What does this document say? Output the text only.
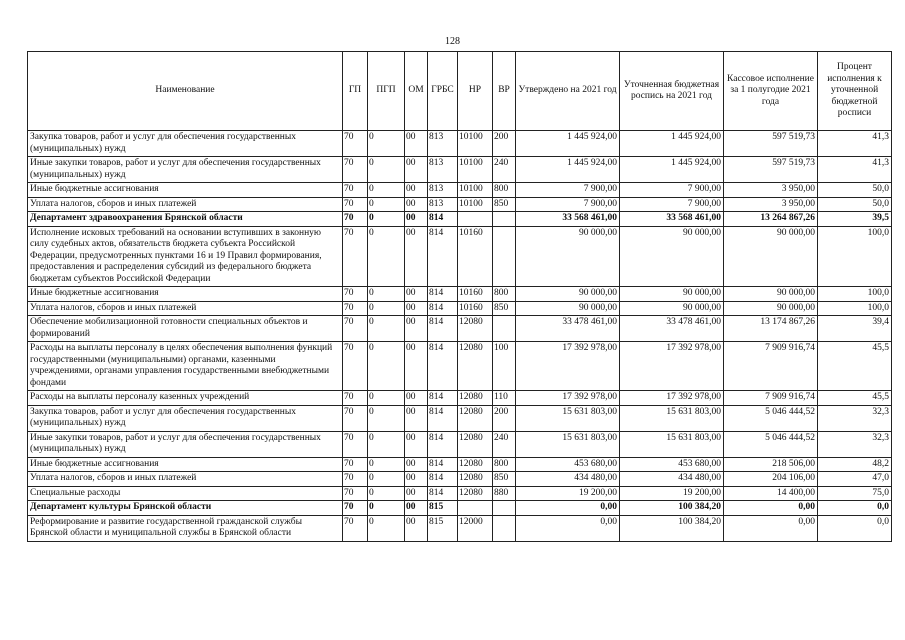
128
Наименование	ГП	ПГП	ОМ	ГРБС	НР	ВР	Утверждено на 2021 год	Уточненная бюджетная роспись на 2021 год	Кассовое исполнение за 1 полугодие 2021 года	Процент исполнения к уточненной бюджетной росписи
Закупка товаров, работ и услуг для обеспечения государственных (муниципальных) нужд	70	0	00	813	10100	200	1 445 924,00	1 445 924,00	597 519,73	41,3
Иные закупки товаров, работ и услуг для обеспечения государственных (муниципальных) нужд	70	0	00	813	10100	240	1 445 924,00	1 445 924,00	597 519,73	41,3
Иные бюджетные ассигнования	70	0	00	813	10100	800	7 900,00	7 900,00	3 950,00	50,0
Уплата налогов, сборов и иных платежей	70	0	00	813	10100	850	7 900,00	7 900,00	3 950,00	50,0
Департамент здравоохранения Брянской области	70	0	00	814			33 568 461,00	33 568 461,00	13 264 867,26	39,5
Исполнение исковых требований на основании вступивших в законную силу судебных актов, обязательств бюджета субъекта Российской Федерации, предусмотренных пунктами 16 и 19 Правил формирования, предоставления и распределения субсидий из федерального бюджета бюджетам субъектов Российской Федерации	70	0	00	814	10160		90 000,00	90 000,00	90 000,00	100,0
Иные бюджетные ассигнования	70	0	00	814	10160	800	90 000,00	90 000,00	90 000,00	100,0
Уплата налогов, сборов и иных платежей	70	0	00	814	10160	850	90 000,00	90 000,00	90 000,00	100,0
Обеспечение мобилизационной готовности специальных объектов и формирований	70	0	00	814	12080		33 478 461,00	33 478 461,00	13 174 867,26	39,4
Расходы на выплаты персоналу в целях обеспечения выполнения функций государственными (муниципальными) органами, казенными учреждениями, органами управления государственными внебюджетными фондами	70	0	00	814	12080	100	17 392 978,00	17 392 978,00	7 909 916,74	45,5
Расходы на выплаты персоналу казенных учреждений	70	0	00	814	12080	110	17 392 978,00	17 392 978,00	7 909 916,74	45,5
Закупка товаров, работ и услуг для обеспечения государственных (муниципальных) нужд	70	0	00	814	12080	200	15 631 803,00	15 631 803,00	5 046 444,52	32,3
Иные закупки товаров, работ и услуг для обеспечения государственных (муниципальных) нужд	70	0	00	814	12080	240	15 631 803,00	15 631 803,00	5 046 444,52	32,3
Иные бюджетные ассигнования	70	0	00	814	12080	800	453 680,00	453 680,00	218 506,00	48,2
Уплата налогов, сборов и иных платежей	70	0	00	814	12080	850	434 480,00	434 480,00	204 106,00	47,0
Специальные расходы	70	0	00	814	12080	880	19 200,00	19 200,00	14 400,00	75,0
Департамент культуры Брянской области	70	0	00	815			0,00	100 384,20	0,00	0,0
Реформирование и развитие государственной гражданской службы Брянской области и муниципальной службы в Брянской области	70	0	00	815	12000		0,00	100 384,20	0,00	0,0
